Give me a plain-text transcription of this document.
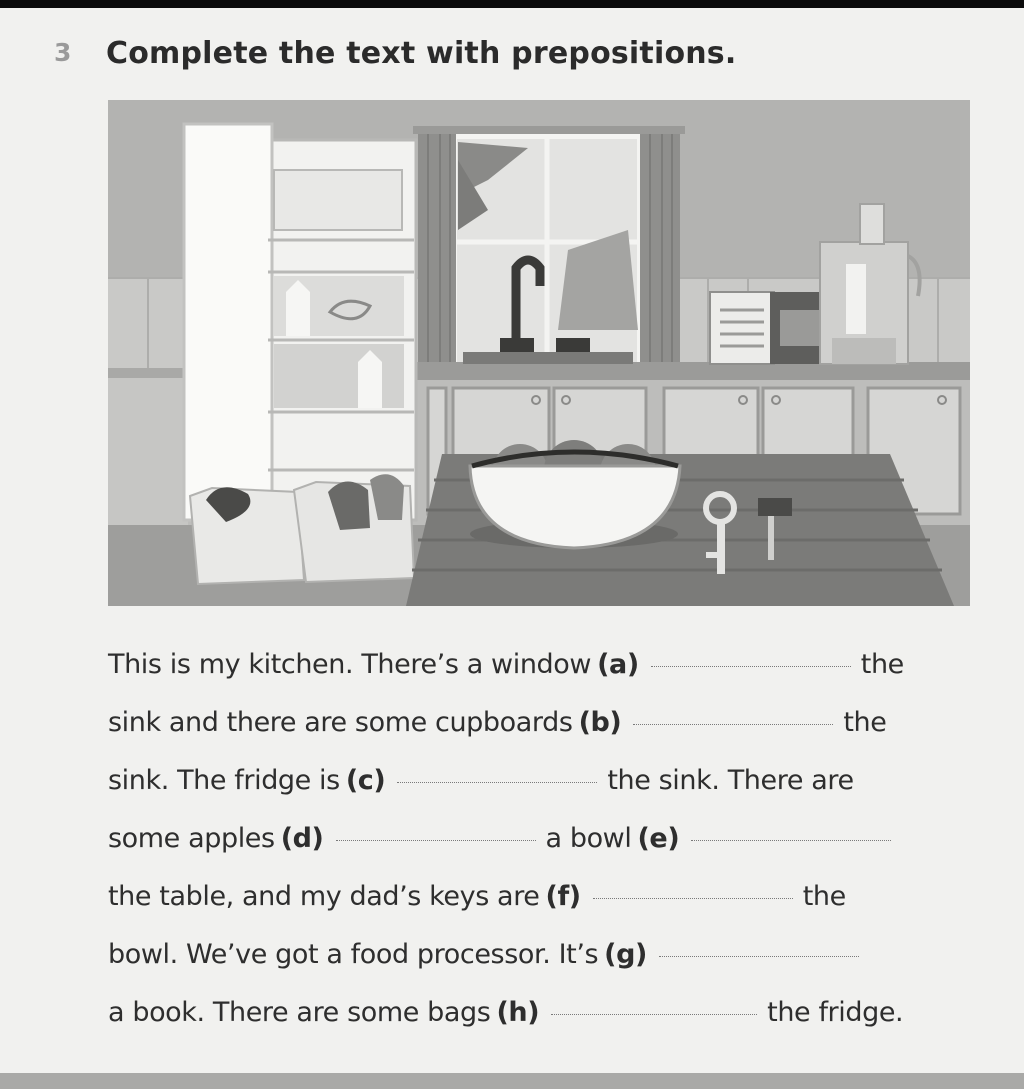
3 Complete the text with prepositions.
This is my kitchen. There’s a window (a)	the
sink and there are some cupboards (b)	the
sink. The fridge is (c)	the sink. There are
some apples (d)	a bowl (e)
the table, and my dad’s keys are (f)	the
bowl. We’ve got a food processor. It’s (g)
a book. There are some bags (h)	the fridge.
